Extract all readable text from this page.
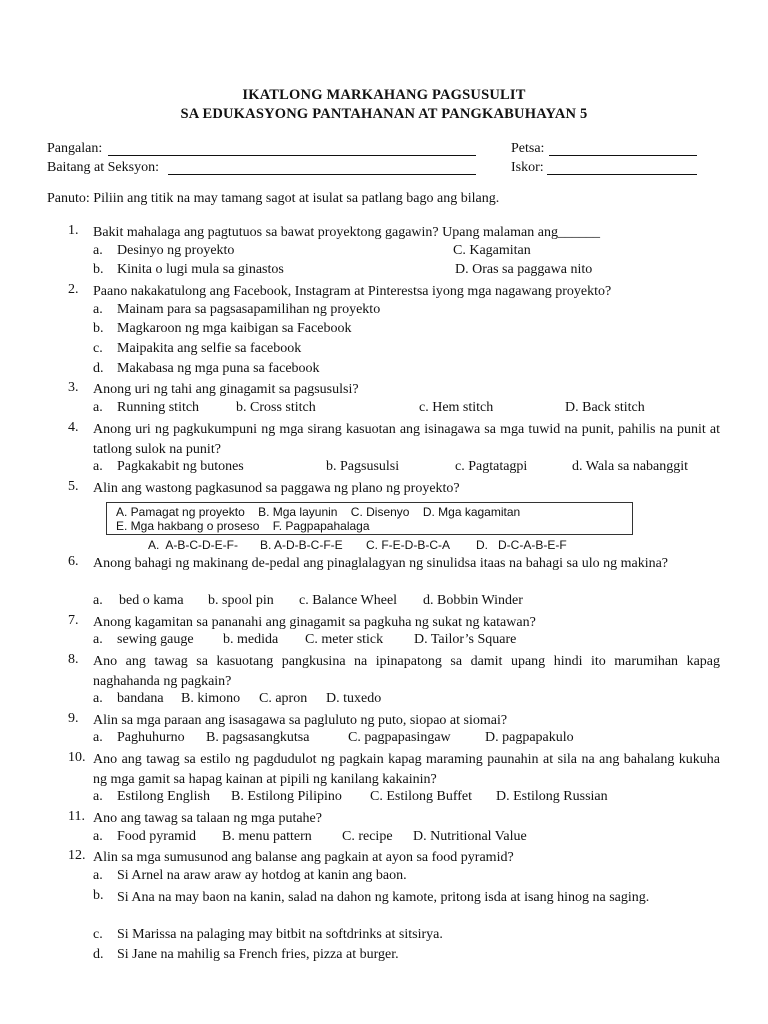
IKATLONG MARKAHANG PAGSUSULIT
SA EDUKASYONG PANTAHANAN AT PANGKABUHAYAN 5
Pangalan:	Petsa:
Baitang at Seksyon:	Iskor:
Panuto: Piliin ang titik na may tamang sagot at isulat sa patlang bago ang bilang.
1. Bakit mahalaga ang pagtutuos sa bawat proyektong gagawin? Upang malaman ang______
a. Desinyo ng proyekto	C. Kagamitan
b. Kinita o lugi mula sa ginastos	D. Oras sa paggawa nito
2. Paano nakakatulong ang Facebook, Instagram at Pinterestsa iyong mga nagawang proyekto?
a. Mainam para sa pagsasapamilihan ng proyekto
b. Magkaroon ng mga kaibigan sa Facebook
c. Maipakita ang selfie sa facebook
d. Makabasa ng mga puna sa facebook
3. Anong uri ng tahi ang ginagamit sa pagsusulsi?
a. Running stitch	b. Cross stitch	c. Hem stitch	D. Back stitch
4. Anong uri ng pagkukumpuni ng mga sirang kasuotan ang isinagawa sa mga tuwid na punit, pahilis na punit at tatlong sulok na punit?
a. Pagkakabit ng butones	b. Pagsusulsi	c. Pagtatagpi	d. Wala sa nabanggit
5. Alin ang wastong pagkasunod sa paggawa ng plano ng proyekto?
A. Pamagat ng proyekto    B. Mga layunin    C. Disenyo    D. Mga kagamitan
E. Mga hakbang o proseso    F. Pagpapahalaga
A.  A-B-C-D-E-F- B. A-D-B-C-F-E C. F-E-D-B-C-A D.   D-C-A-B-E-F
6. Anong bahagi ng makinang de-pedal ang pinaglalagyan ng sinulidsa itaas na bahagi sa ulo ng makina?
a. bed o kama b. spool pin c. Balance Wheel d. Bobbin Winder
7. Anong kagamitan sa pananahi ang ginagamit sa pagkuha ng sukat ng katawan?
a. sewing gauge b. medida C. meter stick D. Tailor’s Square
8. Ano ang tawag sa kasuotang pangkusina na ipinapatong sa damit upang hindi ito marumihan kapag naghahanda ng pagkain?
a. bandana B. kimono C. apron D. tuxedo
9. Alin sa mga paraan ang isasagawa sa pagluluto ng puto, siopao at siomai?
a. Paghuhurno B. pagsasangkutsa	C. pagpapasingaw D. pagpapakulo
10. Ano ang tawag sa estilo ng pagdudulot ng pagkain kapag maraming paunahin at sila na ang bahalang kukuha ng mga gamit sa hapag kainan at pipili ng kanilang kakainin?
a. Estilong English B. Estilong Pilipino C. Estilong Buffet D. Estilong Russian
11. Ano ang tawag sa talaan ng mga putahe?
a. Food pyramid B. menu pattern C. recipe D. Nutritional Value
12. Alin sa mga sumusunod ang balanse ang pagkain at ayon sa food pyramid?
a. Si Arnel na araw araw ay hotdog at kanin ang baon.
b. Si Ana na may baon na kanin, salad na dahon ng kamote, pritong isda at isang hinog na saging.
c. Si Marissa na palaging may bitbit na softdrinks at sitsirya.
d. Si Jane na mahilig sa French fries, pizza at burger.
